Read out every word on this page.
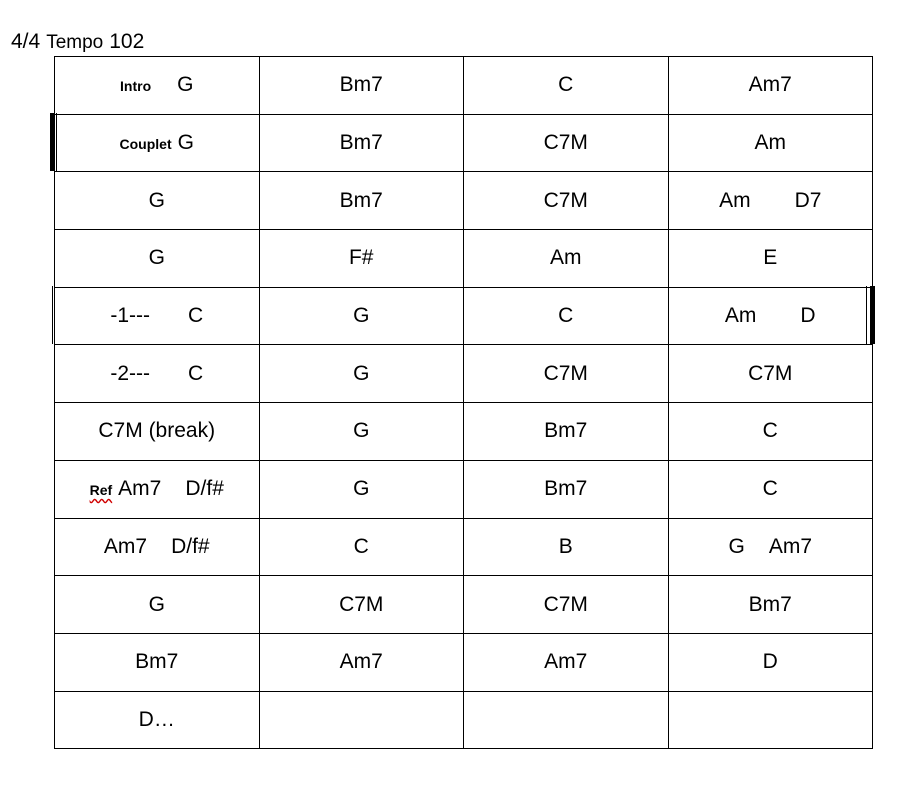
4/4 Tempo 102
Intro G	Bm7	C	Am7
Couplet G	Bm7	C7M	Am
G	Bm7	C7M	Am D7
G	F#	Am	E
-1--- C	G	C	Am D
-2--- C	G	C7M	C7M
C7M (break)	G	Bm7	C
Ref Am7 D/f#	G	Bm7	C
Am7 D/f#	C	B	G Am7
G	C7M	C7M	Bm7
Bm7	Am7	Am7	D
D…			
